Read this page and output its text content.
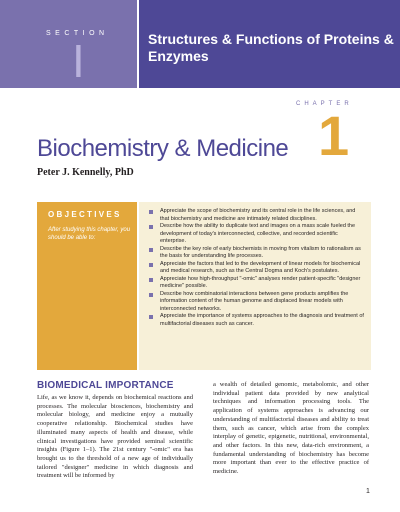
SECTION
I	Structures & Functions of Proteins & Enzymes
CHAPTER
1
Biochemistry & Medicine
Peter J. Kennelly, PhD
OBJECTIVES
After studying this chapter, you should be able to:
Appreciate the scope of biochemistry and its central role in the life sciences, and that biochemistry and medicine are intimately related disciplines.
Describe how the ability to duplicate text and images on a mass scale fueled the development of today's interconnected, collective, and recorded scientific enterprise.
Describe the key role of early biochemists in moving from vitalism to rationalism as the basis for understanding life processes.
Appreciate the factors that led to the development of linear models for biochemical and medical research, such as the Central Dogma and Koch's postulates.
Appreciate how high-throughput "-omic" analyses render patient-specific "designer medicine" possible.
Describe how combinatorial interactions between gene products amplifies the information content of the human genome and displaced linear models with interconnected networks.
Appreciate the importance of systems approaches to the diagnosis and treatment of multifactorial diseases such as cancer.
BIOMEDICAL IMPORTANCE
Life, as we know it, depends on biochemical reactions and processes. The molecular biosciences, biochemistry and molecular biology, and medicine enjoy a mutually cooperative relationship. Biochemical studies have illuminated many aspects of health and disease, while clinical investigations have provided seminal scientific insights (Figure 1–1). The 21st century "-omic" era has brought us to the threshold of a new age of individually tailored "designer" medicine in which diagnosis and treatment will be informed by
a wealth of detailed genomic, metabolomic, and other individual patient data provided by new analytical techniques and information processing tools. The application of systems approaches is advancing our understanding of multifactorial diseases and ability to treat them, such as cancer, which arise from the complex interplay of genetic, epigenetic, nutritional, environmental, and other factors. In this new, data-rich environment, a fundamental understanding of biochemistry has become more important than ever to the effective practice of medicine.
1
